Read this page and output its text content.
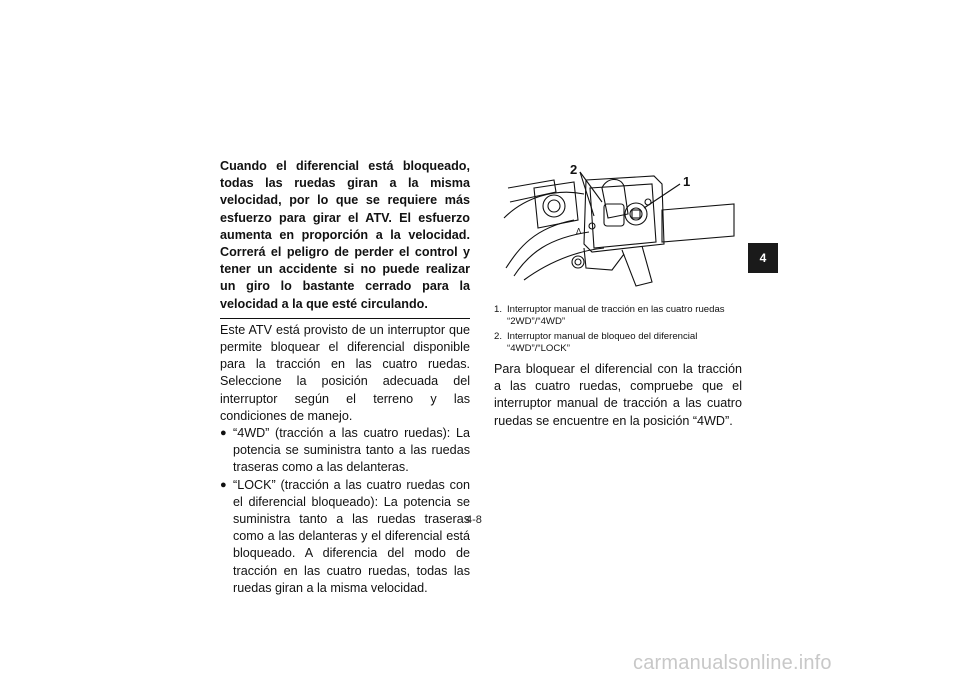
Cuando el diferencial está bloqueado, todas las ruedas giran a la misma velocidad, por lo que se requiere más esfuerzo para girar el ATV. El esfuerzo aumenta en proporción a la velocidad. Correrá el peligro de perder el control y tener un accidente si no puede realizar un giro lo bastante cerrado para la velocidad a la que esté circulando.

Este ATV está provisto de un interruptor que permite bloquear el diferencial disponible para la tracción en las cuatro ruedas. Seleccione la posición adecuada del interruptor según el terreno y las condiciones de manejo.

● “4WD” (tracción a las cuatro ruedas): La potencia se suministra tanto a las ruedas traseras como a las delanteras.
● “LOCK” (tracción a las cuatro ruedas con el diferencial bloqueado): La potencia se suministra tanto a las ruedas traseras como a las delanteras y el diferencial está bloqueado. A diferencia del modo de tracción en las cuatro ruedas, todas las ruedas giran a la misma velocidad.
2
1
Δ
1. Interruptor manual de tracción en las cuatro ruedas “2WD”/“4WD”
2. Interruptor manual de bloqueo del diferencial “4WD”/“LOCK”

Para bloquear el diferencial con la tracción a las cuatro ruedas, compruebe que el interruptor manual de tracción a las cuatro ruedas se encuentre en la posición “4WD”.

4
4-8
carmanualsonline.info
